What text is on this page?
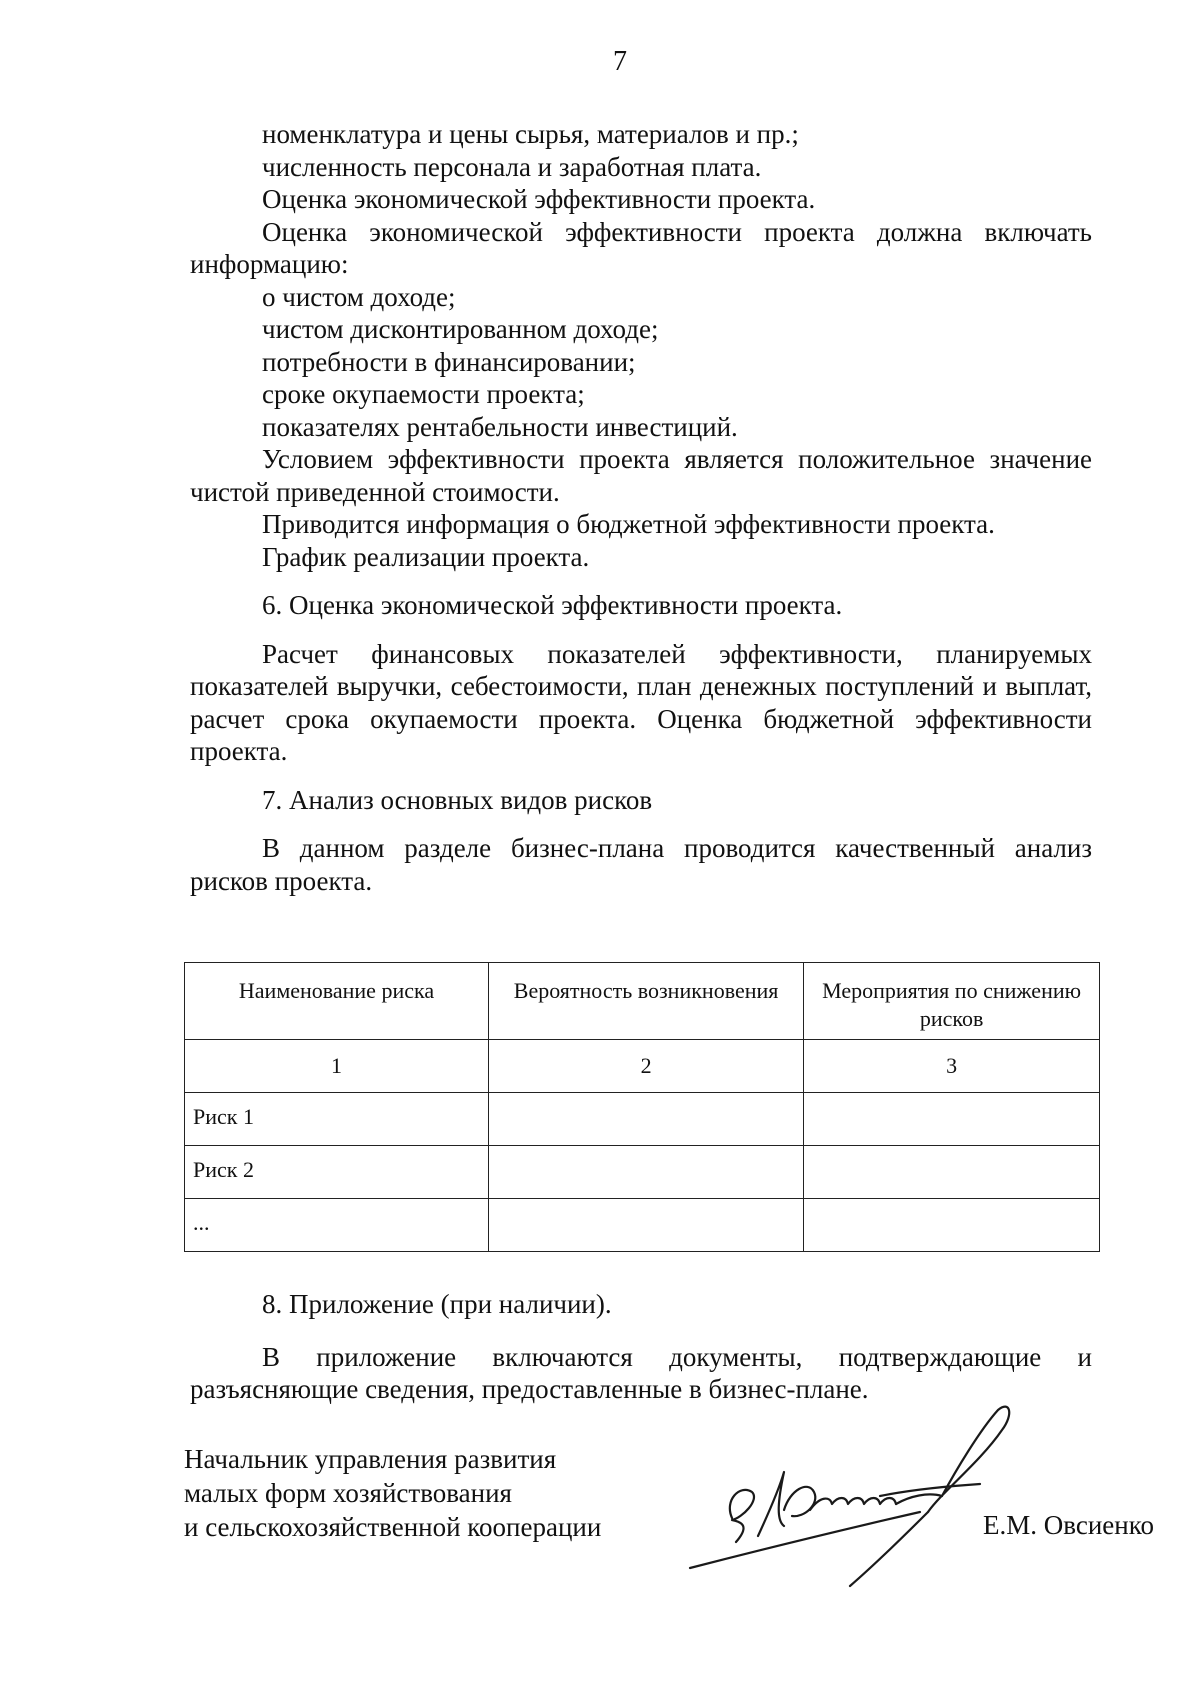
7

номенклатура и цены сырья, материалов и пр.;

численность персонала и заработная плата.

Оценка экономической эффективности проекта.

Оценка экономической эффективности проекта должна включать информацию:

о чистом доходе;

чистом дисконтированном доходе;

потребности в финансировании;

сроке окупаемости проекта;

показателях рентабельности инвестиций.

Условием эффективности проекта является положительное значение чистой приведенной стоимости.

Приводится информация о бюджетной эффективности проекта.

График реализации проекта.

6. Оценка экономической эффективности проекта.

Расчет финансовых показателей эффективности, планируемых показателей выручки, себестоимости, план денежных поступлений и выплат, расчет срока окупаемости проекта. Оценка бюджетной эффективности проекта.

7. Анализ основных видов рисков

В данном разделе бизнес-плана проводится качественный анализ рисков проекта.

Наименование риска	Вероятность возникновения	Мероприятия по снижению рисков
1	2	3
Риск 1		
Риск 2		
...		

8. Приложение (при наличии).

В приложение включаются документы, подтверждающие и разъясняющие сведения, предоставленные в бизнес-плане.

Начальник управления развития
малых форм хозяйствования
и сельскохозяйственной кооперации	Е.М. Овсиенко
